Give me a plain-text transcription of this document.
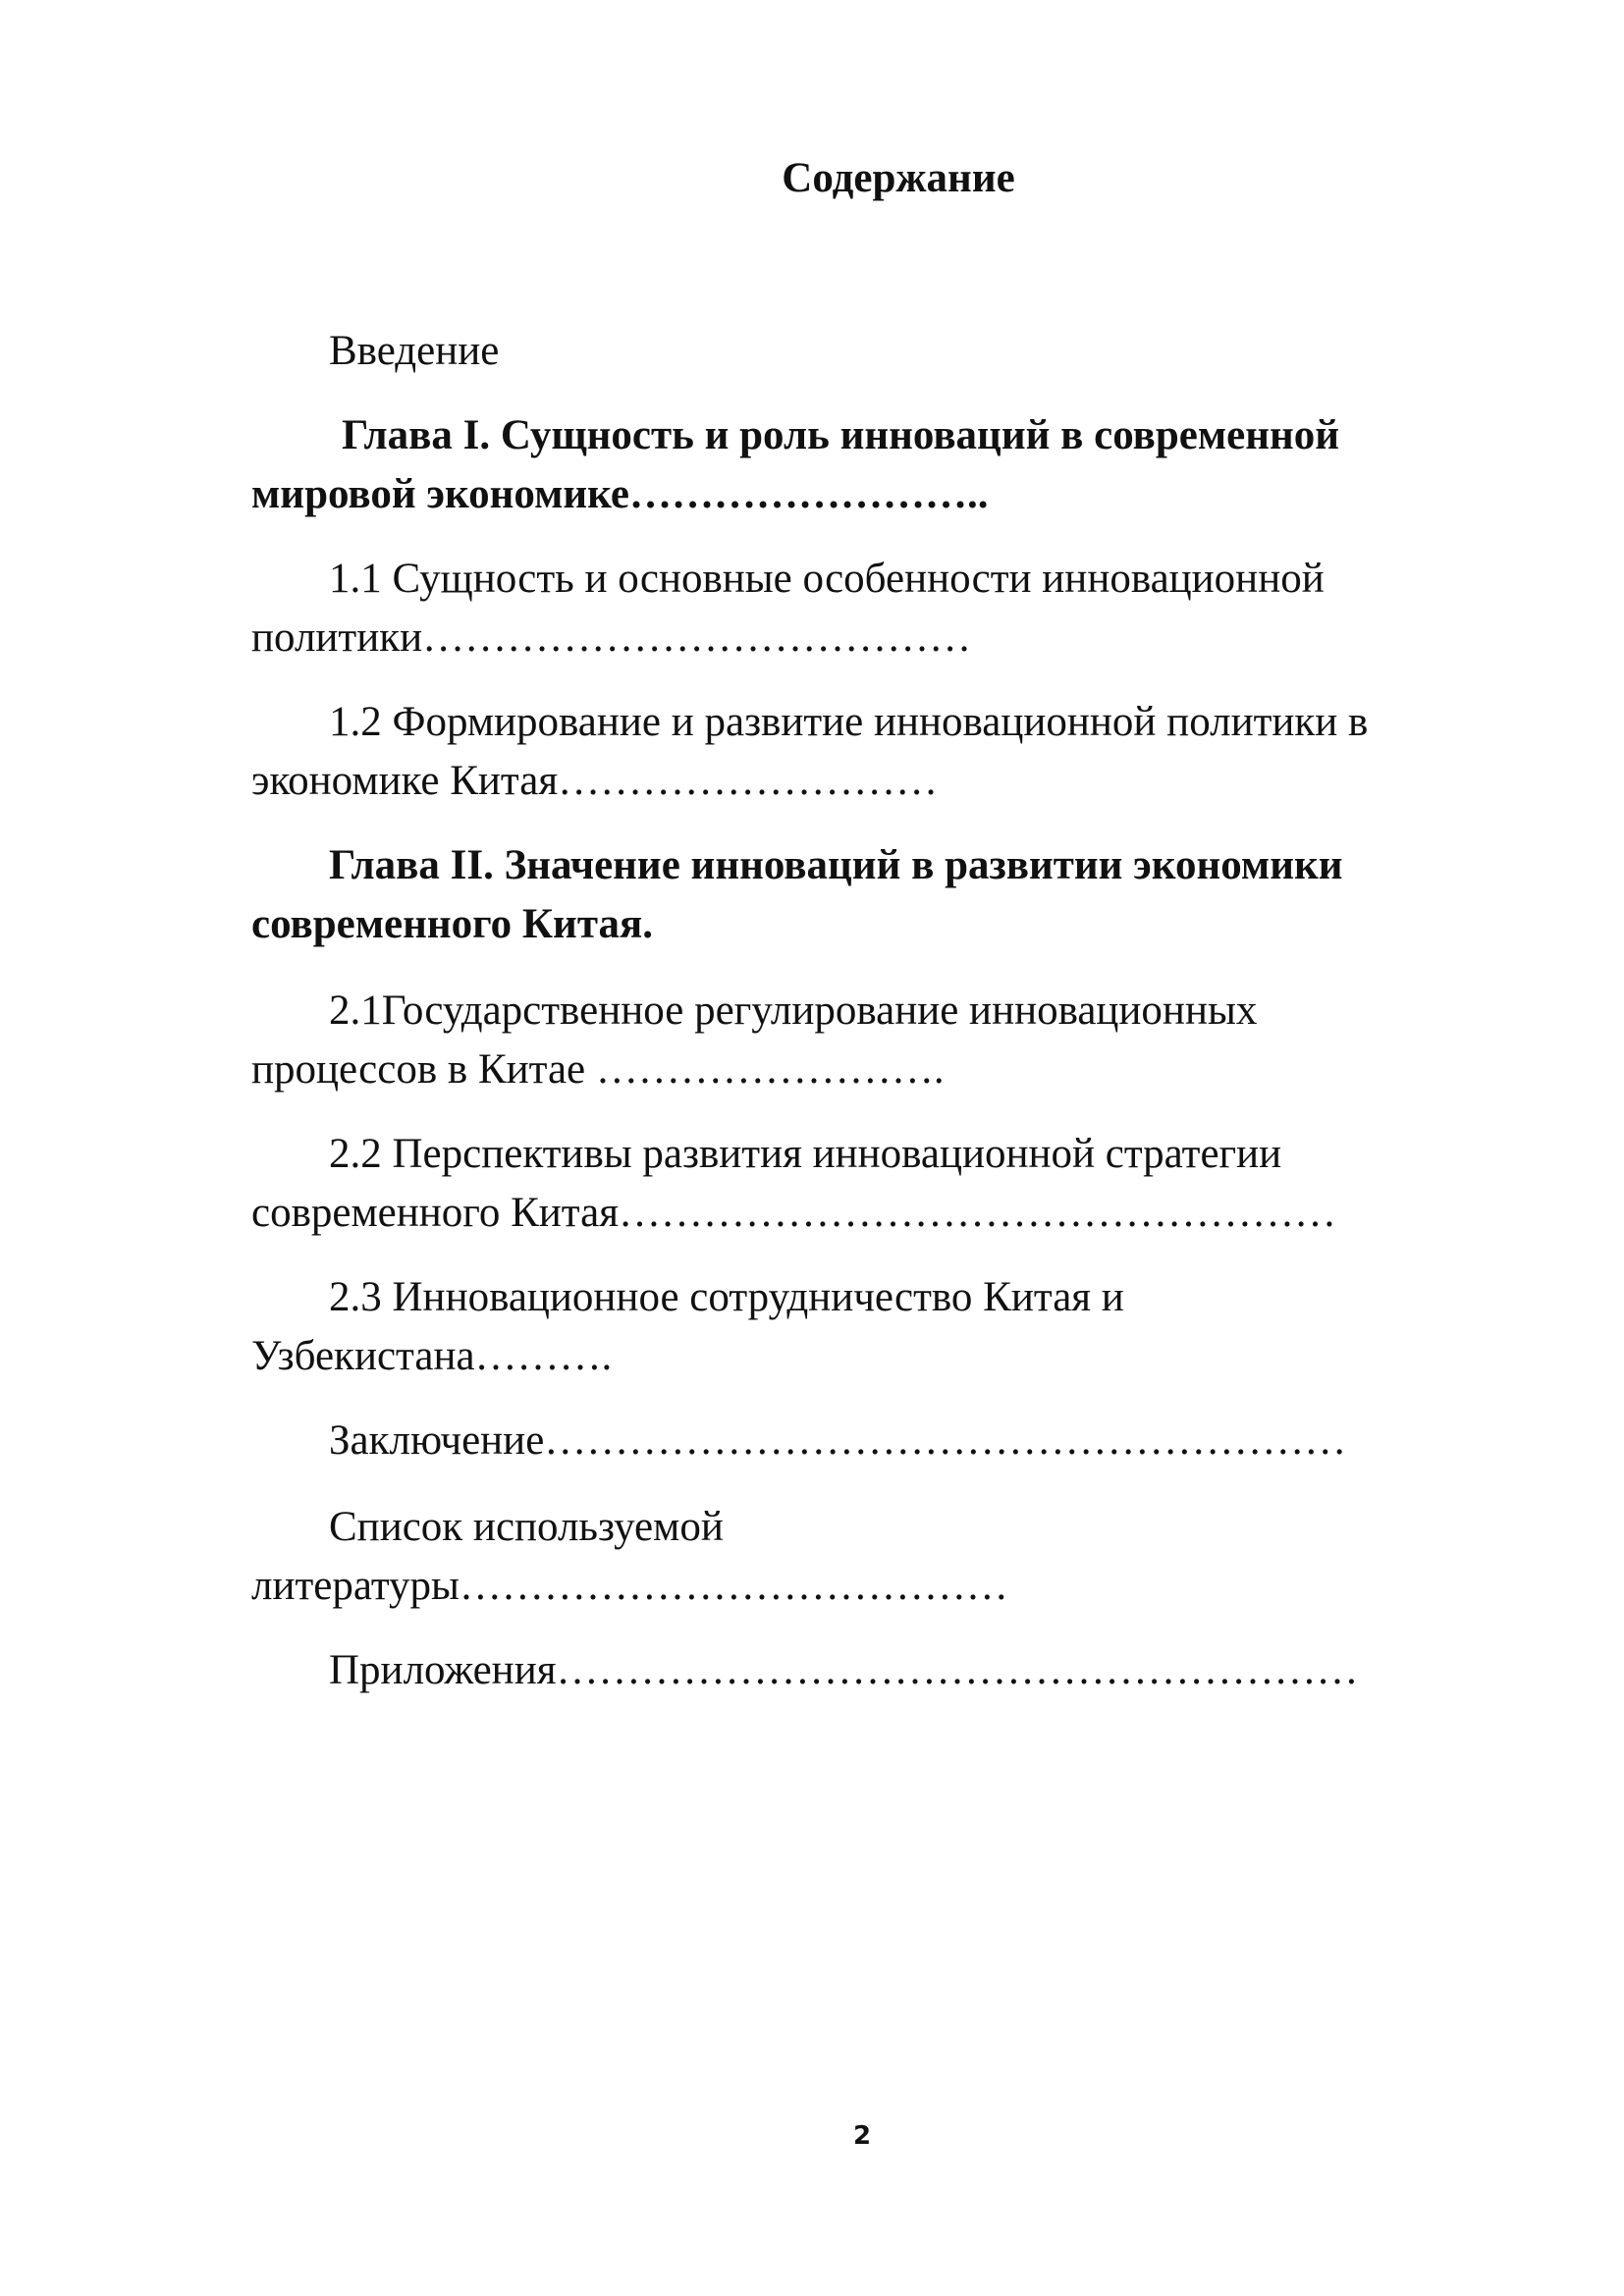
Содержание
Введение
Глава I. Сущность и роль инноваций в современной
мировой экономике……………………..
1.1 Сущность и основные особенности инновационной
политики…………………………………
1.2 Формирование и развитие инновационной политики в
экономике Китая………………………
Глава II. Значение инноваций в развитии экономики
современного Китая.
2.1Государственное регулирование инновационных
процессов в Китае …………………….
2.2 Перспективы развития инновационной стратегии
современного Китая……………………………………………
2.3 Инновационное сотрудничество Китая и
Узбекистана……….
Заключение…………………………………………………
Список используемой
литературы…………………………………
Приложения…………………………………………………
2
